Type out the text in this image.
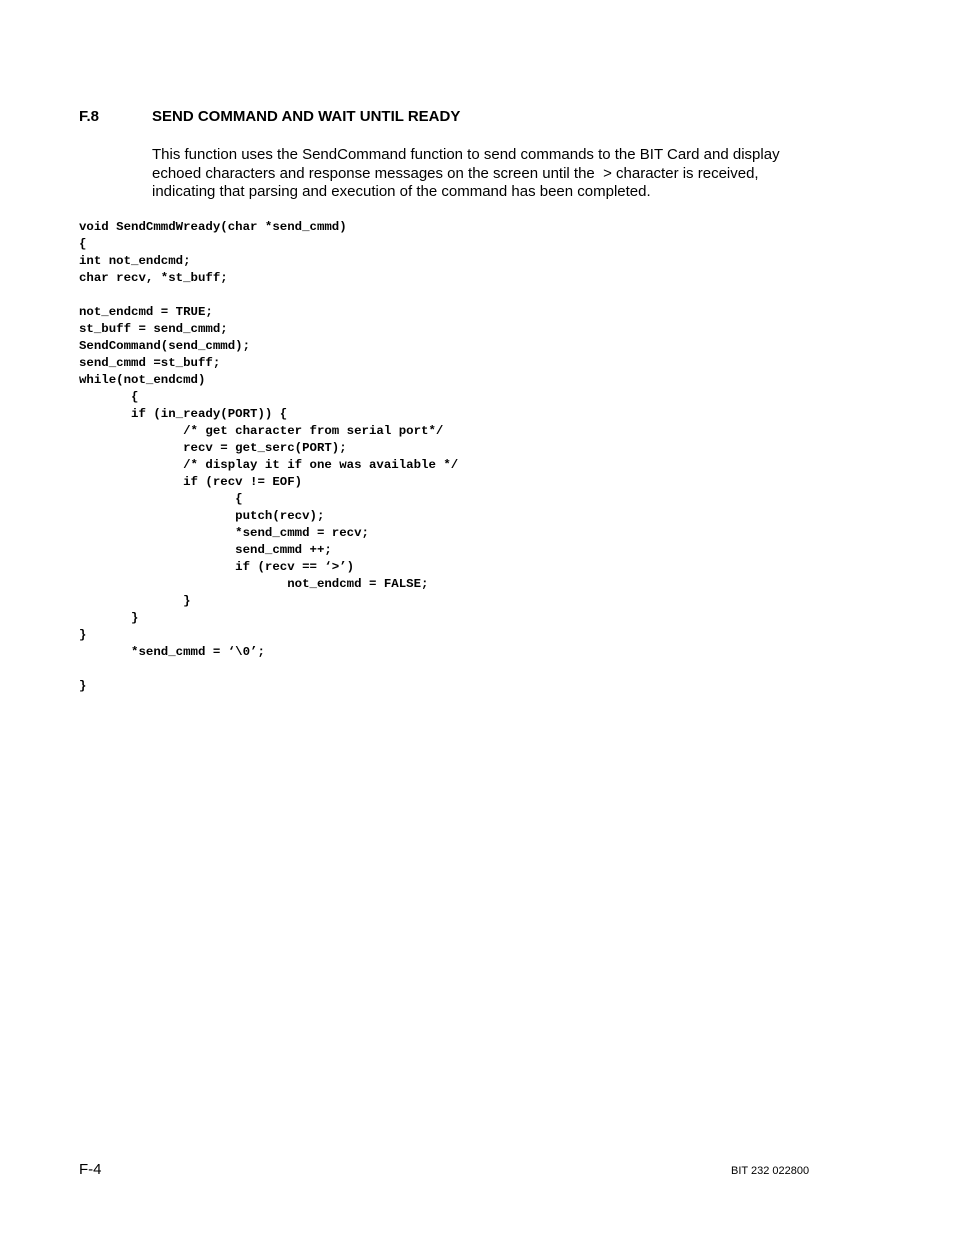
F.8	SEND COMMAND AND WAIT UNTIL READY
This function uses the SendCommand function to send commands to the BIT Card and display
echoed characters and response messages on the screen until the  > character is received,
indicating that parsing and execution of the command has been completed.
void SendCmmdWready(char *send_cmmd)
{
int not_endcmd;
char recv, *st_buff;
not_endcmd = TRUE;
st_buff = send_cmmd;
SendCommand(send_cmmd);
send_cmmd =st_buff;
while(not_endcmd)
{
if (in_ready(PORT)) {
/* get character from serial port*/
recv = get_serc(PORT);
/* display it if one was available */
if (recv != EOF)
{
putch(recv);
*send_cmmd = recv;
send_cmmd ++;
if (recv == ‘>’)
not_endcmd = FALSE;
}
}
}
*send_cmmd = ‘\0’;
}
F-4	BIT 232 022800
